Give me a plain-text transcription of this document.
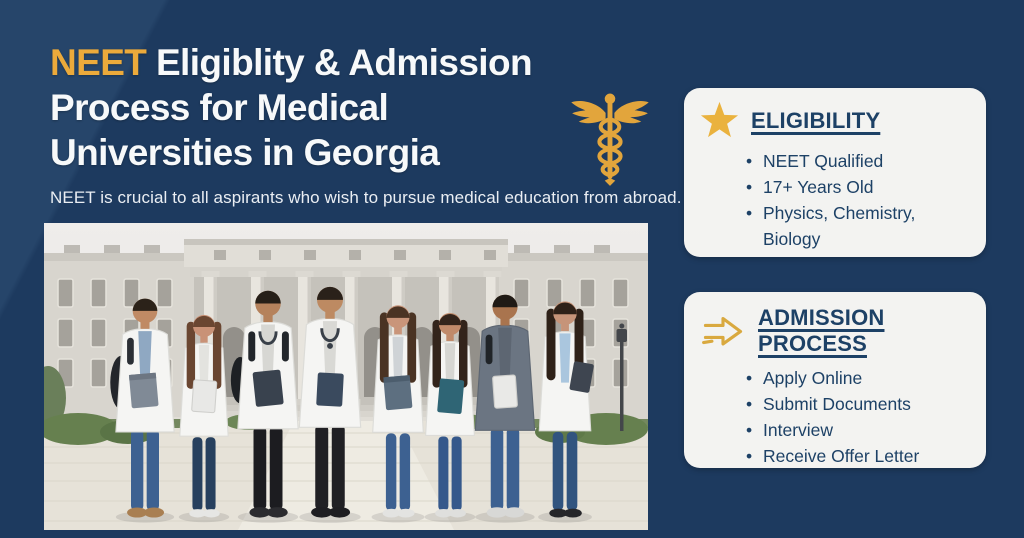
NEET Eligiblity & Admission
Process for Medical
Universities in Georgia

NEET is crucial to all aspirants who wish to pursue medical education from abroad.

ELIGIBILITY
• NEET Qualified
• 17+ Years Old
• Physics, Chemistry, Biology
ADMISSION PROCESS
• Apply Online
• Submit Documents
• Interview
• Receive Offer Letter
